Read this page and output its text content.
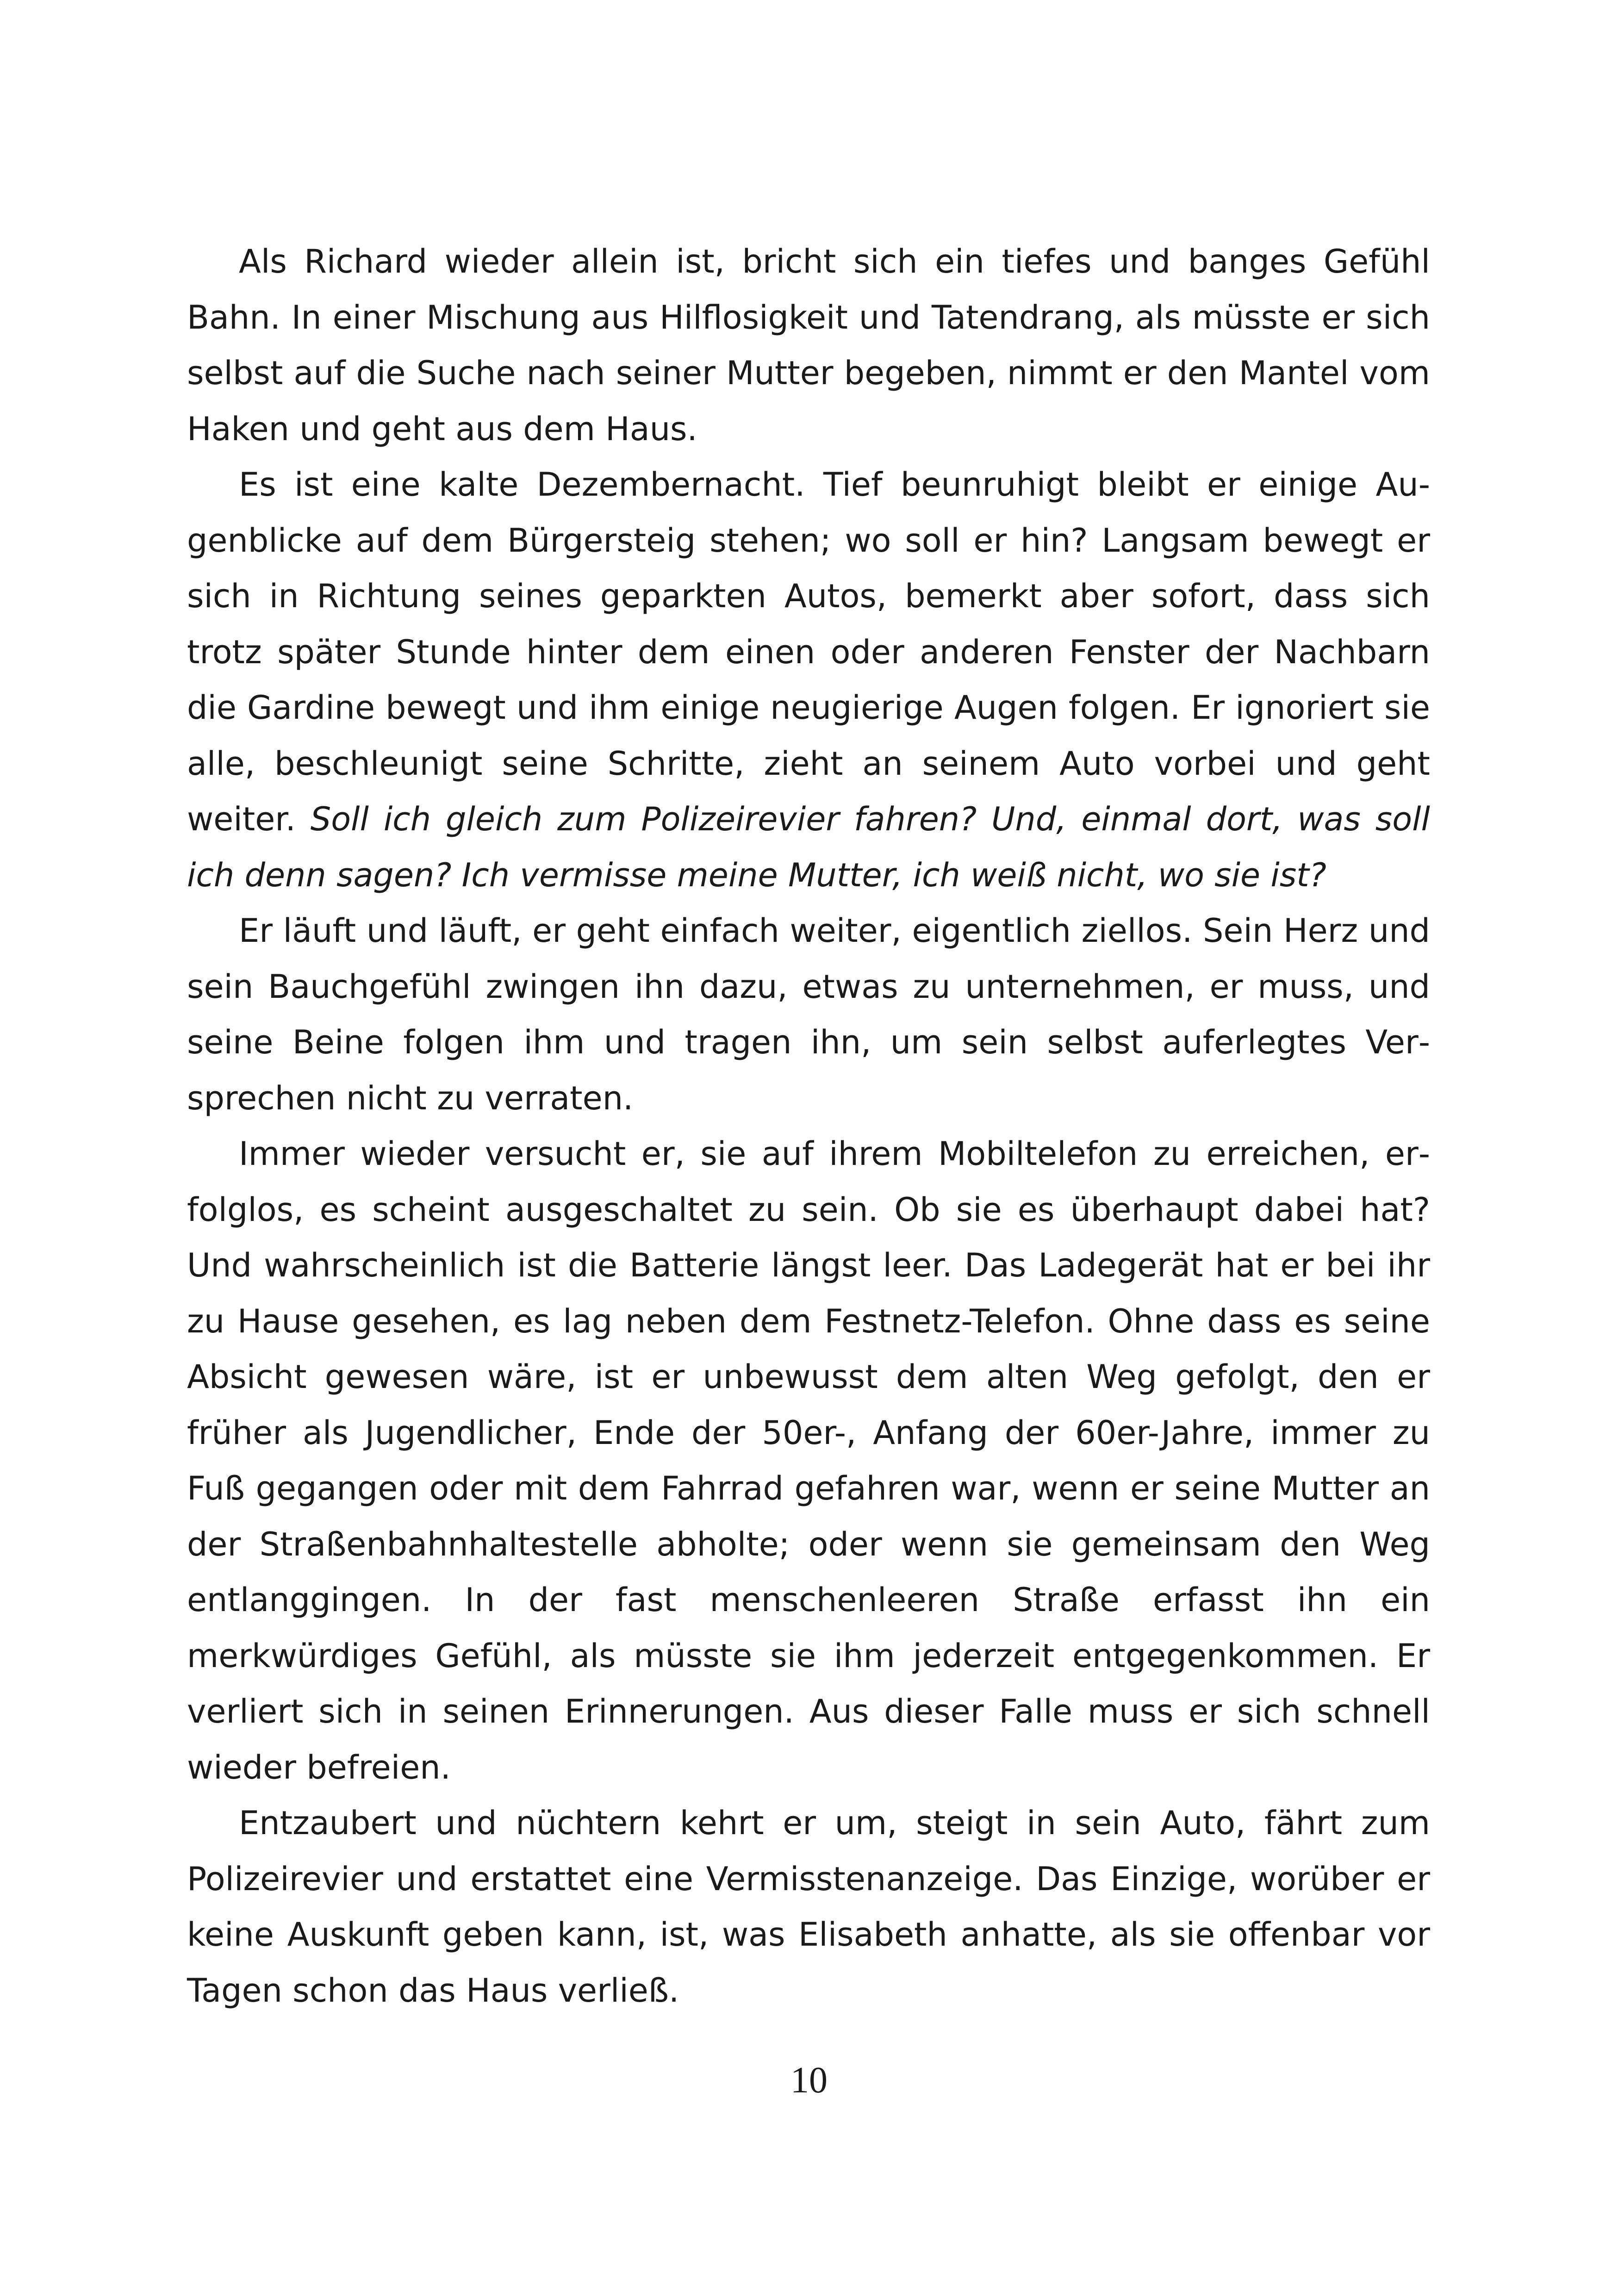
Als Richard wieder allein ist, bricht sich ein tiefes und banges Gefühl Bahn. In einer Mischung aus Hilflosigkeit und Tatendrang, als müsste er sich selbst auf die Suche nach seiner Mutter begeben, nimmt er den Mantel vom Haken und geht aus dem Haus.

Es ist eine kalte Dezembernacht. Tief beunruhigt bleibt er einige Augenblicke auf dem Bürgersteig stehen; wo soll er hin? Langsam bewegt er sich in Richtung seines geparkten Autos, bemerkt aber sofort, dass sich trotz später Stunde hinter dem einen oder anderen Fenster der Nachbarn die Gardine bewegt und ihm einige neugierige Augen folgen. Er ignoriert sie alle, beschleunigt seine Schritte, zieht an seinem Auto vorbei und geht weiter. Soll ich gleich zum Polizeirevier fahren? Und, einmal dort, was soll ich denn sagen? Ich vermisse meine Mutter, ich weiß nicht, wo sie ist?

Er läuft und läuft, er geht einfach weiter, eigentlich ziellos. Sein Herz und sein Bauchgefühl zwingen ihn dazu, etwas zu unternehmen, er muss, und seine Beine folgen ihm und tragen ihn, um sein selbst auferlegtes Versprechen nicht zu verraten.

Immer wieder versucht er, sie auf ihrem Mobiltelefon zu erreichen, erfolglos, es scheint ausgeschaltet zu sein. Ob sie es überhaupt dabei hat? Und wahrscheinlich ist die Batterie längst leer. Das Ladegerät hat er bei ihr zu Hause gesehen, es lag neben dem Festnetz-Telefon. Ohne dass es seine Absicht gewesen wäre, ist er unbewusst dem alten Weg gefolgt, den er früher als Jugendlicher, Ende der 50er-, Anfang der 60er-Jahre, immer zu Fuß gegangen oder mit dem Fahrrad gefahren war, wenn er seine Mutter an der Straßenbahnhaltestelle abholte; oder wenn sie gemeinsam den Weg entlanggingen. In der fast menschenleeren Straße erfasst ihn ein merkwürdiges Gefühl, als müsste sie ihm jederzeit entgegenkommen. Er verliert sich in seinen Erinnerungen. Aus dieser Falle muss er sich schnell wieder befreien.

Entzaubert und nüchtern kehrt er um, steigt in sein Auto, fährt zum Polizeirevier und erstattet eine Vermisstenanzeige. Das Einzige, worüber er keine Auskunft geben kann, ist, was Elisabeth anhatte, als sie offenbar vor Tagen schon das Haus verließ.

10
